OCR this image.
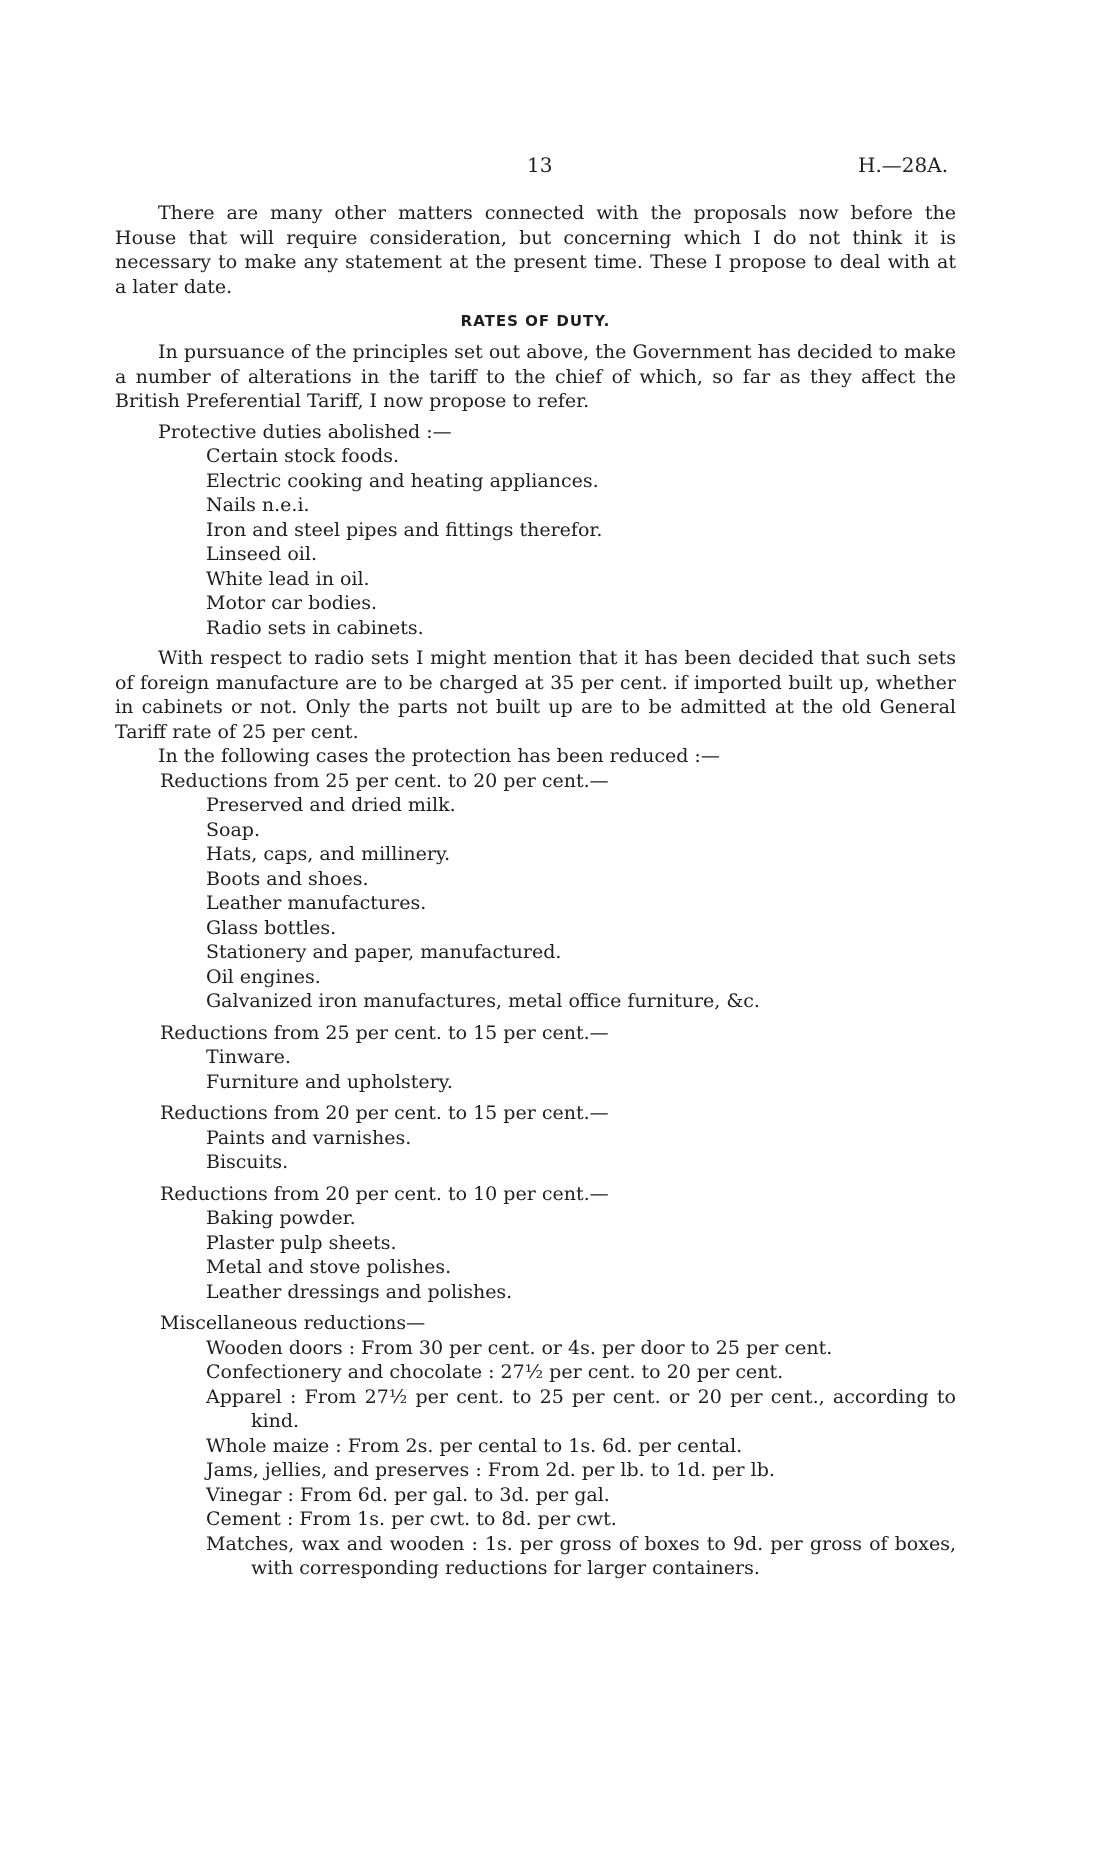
13	H.—28A.

There are many other matters connected with the proposals now before the House that will require consideration, but concerning which I do not think it is necessary to make any statement at the present time. These I propose to deal with at a later date.

RATES OF DUTY.

In pursuance of the principles set out above, the Government has decided to make a number of alterations in the tariff to the chief of which, so far as they affect the British Preferential Tariff, I now propose to refer.

Protective duties abolished :—

Certain stock foods.
Electric cooking and heating appliances.
Nails n.e.i.
Iron and steel pipes and fittings therefor.
Linseed oil.
White lead in oil.
Motor car bodies.
Radio sets in cabinets.

With respect to radio sets I might mention that it has been decided that such sets of foreign manufacture are to be charged at 35 per cent. if imported built up, whether in cabinets or not. Only the parts not built up are to be admitted at the old General Tariff rate of 25 per cent.

In the following cases the protection has been reduced :—

Reductions from 25 per cent. to 20 per cent.—
Preserved and dried milk.
Soap.
Hats, caps, and millinery.
Boots and shoes.
Leather manufactures.
Glass bottles.
Stationery and paper, manufactured.
Oil engines.
Galvanized iron manufactures, metal office furniture, &c.
Reductions from 25 per cent. to 15 per cent.—
Tinware.
Furniture and upholstery.
Reductions from 20 per cent. to 15 per cent.—
Paints and varnishes.
Biscuits.
Reductions from 20 per cent. to 10 per cent.—
Baking powder.
Plaster pulp sheets.
Metal and stove polishes.
Leather dressings and polishes.
Miscellaneous reductions—
Wooden doors : From 30 per cent. or 4s. per door to 25 per cent.
Confectionery and chocolate : 27½ per cent. to 20 per cent.
Apparel : From 27½ per cent. to 25 per cent. or 20 per cent., according to kind.
Whole maize : From 2s. per cental to 1s. 6d. per cental.
Jams, jellies, and preserves : From 2d. per lb. to 1d. per lb.
Vinegar : From 6d. per gal. to 3d. per gal.
Cement : From 1s. per cwt. to 8d. per cwt.
Matches, wax and wooden : 1s. per gross of boxes to 9d. per gross of boxes, with corresponding reductions for larger containers.
